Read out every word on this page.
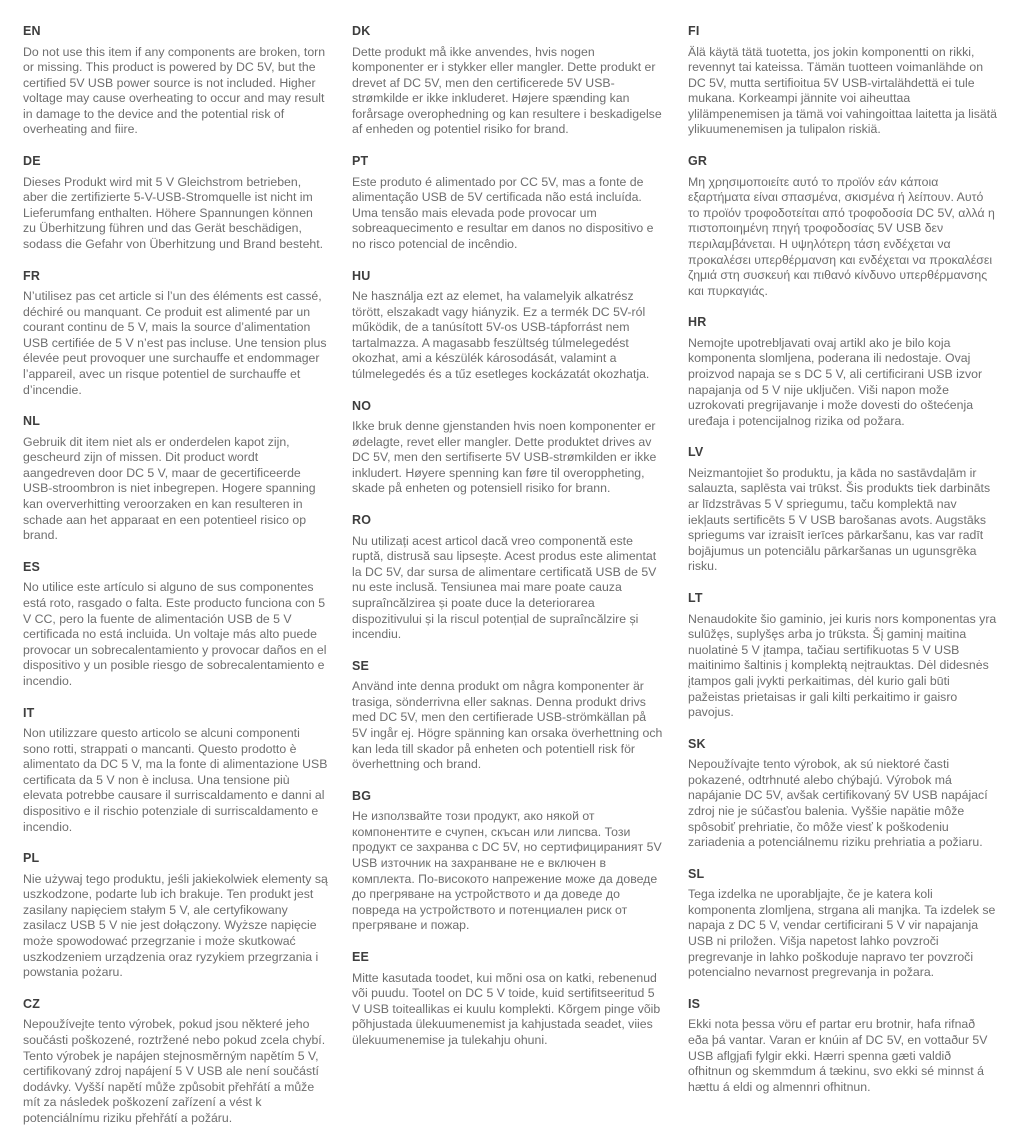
EN

Do not use this item if any components are broken, torn or missing. This product is powered by DC 5V, but the certified 5V USB power source is not included. Higher voltage may cause overheating to occur and may result in damage to the device and the potential risk of overheating and fiire.

DE

Dieses Produkt wird mit 5 V Gleichstrom betrieben, aber die zertifizierte 5-V-USB-Stromquelle ist nicht im Lieferumfang enthalten. Höhere Spannungen können zu Überhitzung führen und das Gerät beschädigen, sodass die Gefahr von Überhitzung und Brand besteht.

FR

N’utilisez pas cet article si l’un des éléments est cassé, déchiré ou manquant. Ce produit est alimenté par un courant continu de 5 V, mais la source d’alimentation USB certifiée de 5 V n’est pas incluse. Une tension plus élevée peut provoquer une surchauffe et endommager l’appareil, avec un risque potentiel de surchauffe et d’incendie.

NL

Gebruik dit item niet als er onderdelen kapot zijn, gescheurd zijn of missen. Dit product wordt aangedreven door DC 5 V, maar de gecertificeerde USB-stroombron is niet inbegrepen. Hogere spanning kan oververhitting veroorzaken en kan resulteren in schade aan het apparaat en een potentieel risico op brand.

ES

No utilice este artículo si alguno de sus componentes está roto, rasgado o falta. Este producto funciona con 5 V CC, pero la fuente de alimentación USB de 5 V certificada no está incluida. Un voltaje más alto puede provocar un sobrecalentamiento y provocar daños en el dispositivo y un posible riesgo de sobrecalentamiento e incendio.

IT

Non utilizzare questo articolo se alcuni componenti sono rotti, strappati o mancanti. Questo prodotto è alimentato da DC 5 V, ma la fonte di alimentazione USB certificata da 5 V non è inclusa. Una tensione più elevata potrebbe causare il surriscaldamento e danni al dispositivo e il rischio potenziale di surriscaldamento e incendio.

PL

Nie używaj tego produktu, jeśli jakiekolwiek elementy są uszkodzone, podarte lub ich brakuje. Ten produkt jest zasilany napięciem stałym 5 V, ale certyfikowany zasilacz USB 5 V nie jest dołączony. Wyższe napięcie może spowodować przegrzanie i może skutkować uszkodzeniem urządzenia oraz ryzykiem przegrzania i powstania pożaru.

CZ

Nepoužívejte tento výrobek, pokud jsou některé jeho součásti poškozené, roztržené nebo pokud zcela chybí. Tento výrobek je napájen stejnosměrným napětím 5 V, certifikovaný zdroj napájení 5 V USB ale není součástí dodávky. Vyšší napětí může způsobit přehřátí a může mít za následek poškození zařízení a vést k potenciálnímu riziku přehřátí a požáru.

DK

Dette produkt må ikke anvendes, hvis nogen komponenter er i stykker eller mangler. Dette produkt er drevet af DC 5V, men den certificerede 5V USB-strømkilde er ikke inkluderet. Højere spænding kan forårsage overophedning og kan resultere i beskadigelse af enheden og potentiel risiko for brand.

PT

Este produto é alimentado por CC 5V, mas a fonte de alimentação USB de 5V certificada não está incluída. Uma tensão mais elevada pode provocar um sobreaquecimento e resultar em danos no dispositivo e no risco potencial de incêndio.

HU

Ne használja ezt az elemet, ha valamelyik alkatrész törött, elszakadt vagy hiányzik. Ez a termék DC 5V-ról működik, de a tanúsított 5V-os USB-tápforrást nem tartalmazza. A magasabb feszültség túlmelegedést okozhat, ami a készülék károsodását, valamint a túlmelegedés és a tűz esetleges kockázatát okozhatja.

NO

Ikke bruk denne gjenstanden hvis noen komponenter er ødelagte, revet eller mangler. Dette produktet drives av DC 5V, men den sertifiserte 5V USB-strømkilden er ikke inkludert. Høyere spenning kan føre til overoppheting, skade på enheten og potensiell risiko for brann.

RO

Nu utilizați acest articol dacă vreo componentă este ruptă, distrusă sau lipsește. Acest produs este alimentat la DC 5V, dar sursa de alimentare certificată USB de 5V nu este inclusă. Tensiunea mai mare poate cauza supraîncălzirea și poate duce la deteriorarea dispozitivului și la riscul potențial de supraîncălzire și incendiu.

SE

Använd inte denna produkt om några komponenter är trasiga, sönderrivna eller saknas. Denna produkt drivs med DC 5V, men den certifierade USB-strömkällan på 5V ingår ej. Högre spänning kan orsaka överhettning och kan leda till skador på enheten och potentiell risk för överhettning och brand.

BG

Не използвайте този продукт, ако някой от компонентите е счупен, скъсан или липсва. Този продукт се захранва с DC 5V, но сертифицираният 5V USB източник на захранване не е включен в комплекта. По-високото напрежение може да доведе до прегряване на устройството и да доведе до повреда на устройството и потенциален риск от прегряване и пожар.

EE

Mitte kasutada toodet, kui mõni osa on katki, rebenenud või puudu. Tootel on DC 5 V toide, kuid sertifitseeritud 5 V USB toiteallikas ei kuulu komplekti. Kõrgem pinge võib põhjustada ülekuumenemist ja kahjustada seadet, viies ülekuumenemise ja tulekahju ohuni.

FI

Älä käytä tätä tuotetta, jos jokin komponentti on rikki, revennyt tai kateissa. Tämän tuotteen voimanlähde on DC 5V, mutta sertifioitua 5V USB-virtalähdettä ei tule mukana. Korkeampi jännite voi aiheuttaa ylilämpenemisen ja tämä voi vahingoittaa laitetta ja lisätä ylikuumenemisen ja tulipalon riskiä.

GR

Μη χρησιμοποιείτε αυτό το προϊόν εάν κάποια εξαρτήματα είναι σπασμένα, σκισμένα ή λείπουν. Αυτό το προϊόν τροφοδοτείται από τροφοδοσία DC 5V, αλλά η πιστοποιημένη πηγή τροφοδοσίας 5V USB δεν περιλαμβάνεται. Η υψηλότερη τάση ενδέχεται να προκαλέσει υπερθέρμανση και ενδέχεται να προκαλέσει ζημιά στη συσκευή και πιθανό κίνδυνο υπερθέρμανσης και πυρκαγιάς.

HR

Nemojte upotrebljavati ovaj artikl ako je bilo koja komponenta slomljena, poderana ili nedostaje. Ovaj proizvod napaja se s DC 5 V, ali certificirani USB izvor napajanja od 5 V nije uključen. Viši napon može uzrokovati pregrijavanje i može dovesti do oštećenja uređaja i potencijalnog rizika od požara.

LV

Neizmantojiet šo produktu, ja kāda no sastāvdaļām ir salauzta, saplēsta vai trūkst. Šis produkts tiek darbināts ar līdzstrāvas 5 V spriegumu, taču komplektā nav iekļauts sertificēts 5 V USB barošanas avots. Augstāks spriegums var izraisīt ierīces pārkaršanu, kas var radīt bojājumus un potenciālu pārkaršanas un ugunsgrēka risku.

LT

Nenaudokite šio gaminio, jei kuris nors komponentas yra sulūžęs, suplyšęs arba jo trūksta. Šį gaminį maitina nuolatinė 5 V įtampa, tačiau sertifikuotas 5 V USB maitinimo šaltinis į komplektą neįtrauktas. Dėl didesnės įtampos gali įvykti perkaitimas, dėl kurio gali būti pažeistas prietaisas ir gali kilti perkaitimo ir gaisro pavojus.

SK

Nepoužívajte tento výrobok, ak sú niektoré časti pokazené, odtrhnuté alebo chýbajú. Výrobok má napájanie DC 5V, avšak certifikovaný 5V USB napájací zdroj nie je súčasťou balenia. Vyššie napätie môže spôsobiť prehriatie, čo môže viesť k poškodeniu zariadenia a potenciálnemu riziku prehriatia a požiaru.

SL

Tega izdelka ne uporabljajte, če je katera koli komponenta zlomljena, strgana ali manjka. Ta izdelek se napaja z DC 5 V, vendar certificirani 5 V vir napajanja USB ni priložen. Višja napetost lahko povzroči pregrevanje in lahko poškoduje napravo ter povzroči potencialno nevarnost pregrevanja in požara.

IS

Ekki nota þessa vöru ef partar eru brotnir, hafa rifnað eða þá vantar. Varan er knúin af DC 5V, en vottaður 5V USB aflgjafi fylgir ekki. Hærri spenna gæti valdið ofhitnun og skemmdum á tækinu, svo ekki sé minnst á hættu á eldi og almennri ofhitnun.
